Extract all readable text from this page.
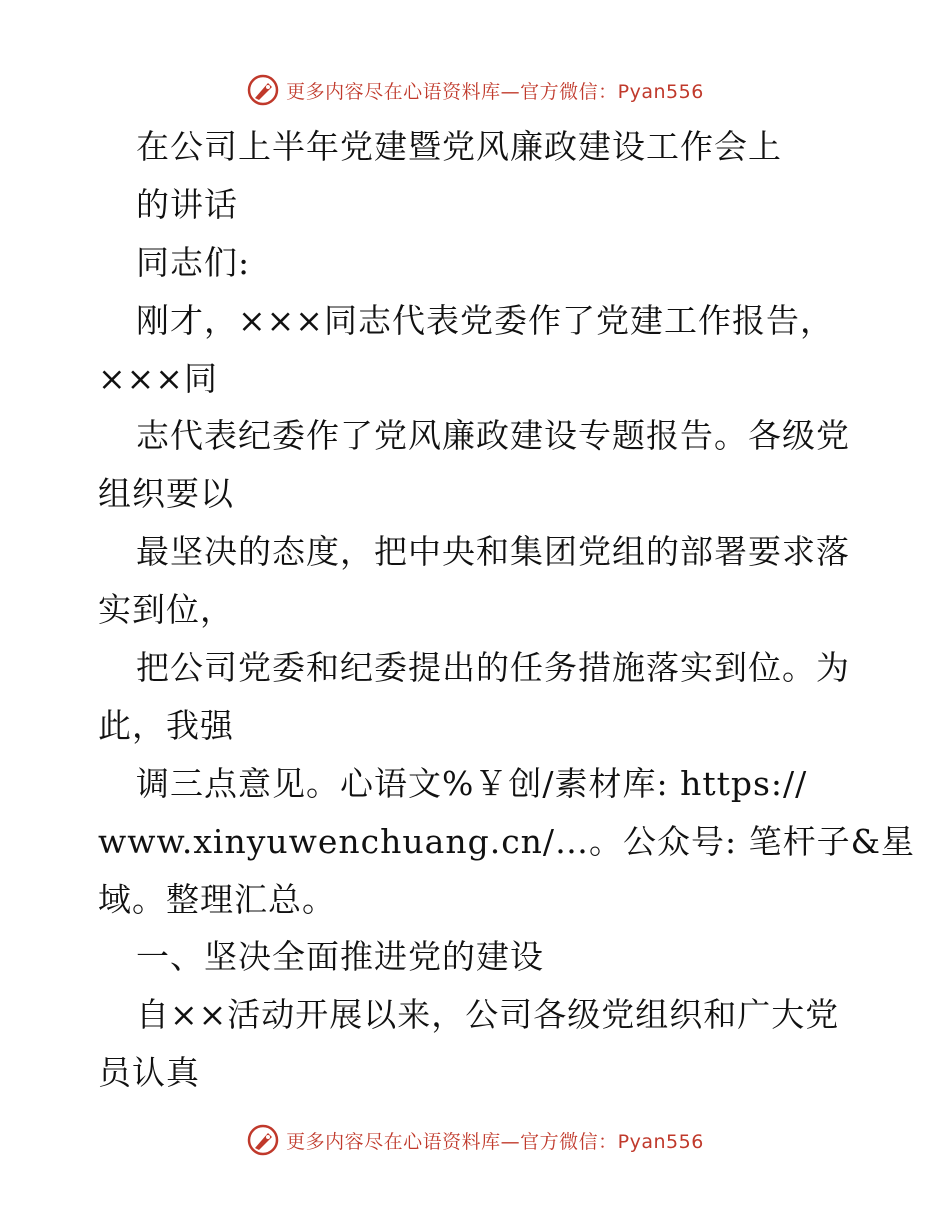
更多内容尽在心语资料库—官方微信：Pyan556
在公司上半年党建暨党风廉政建设工作会上
的讲话
同志们:
刚才，×××同志代表党委作了党建工作报告，
×××同
志代表纪委作了党风廉政建设专题报告。各级党
组织要以
最坚决的态度，把中央和集团党组的部署要求落
实到位，
把公司党委和纪委提出的任务措施落实到位。为
此，我强
调三点意见。心语文%￥创/素材库: https://
www.xinyuwenchuang.cn/…。公众号: 笔杆子&星
域。整理汇总。
一、坚决全面推进党的建设
自××活动开展以来，公司各级党组织和广大党
员认真
更多内容尽在心语资料库—官方微信：Pyan556
